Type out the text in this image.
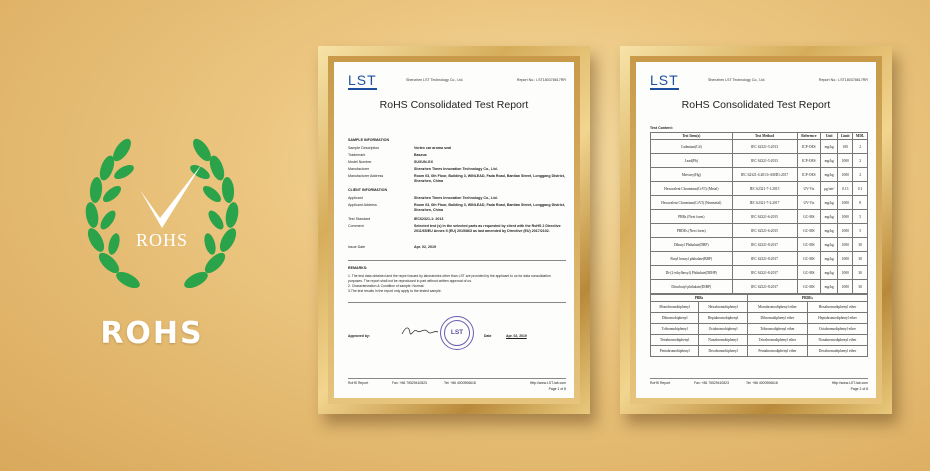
ROHS
ROHS
LST	Shenzhen LST Technology Co., Ltd.	Report No.: LST180378617RR
RoHS Consolidated Test Report
SAMPLE INFORMATION
Sample Description	Vortex car aroma seal
Trademark	Baseus
Model Number	SUXUN-GX
Manufacturer	Shenzhen Times Innovation Technology Co., Ltd.
Manufacturer Address	Room 03, 6th Floor, Building 3, WINLEAD, Fada Road, Bantian Street, Longgang District, Shenzhen, China
CLIENT INFORMATION
Applicant	Shenzhen Times Innovation Technology Co., Ltd.
Applicant Address	Room 03, 6th Floor, Building 3, WINLEAD, Fada Road, Bantian Street, Longgang District, Shenzhen, China
Test Standard	IEC62321-1: 2013
Comment	Selected test (s) in the selected parts as requested by client with the RoHS 2 Directive 2011/65/EU Annex II (EU) 2015/863 as last amended by Directive (EU) 2017/2102.
Issue Date	Apr. 02, 2019
REMARKS:
1. The test data obtained and the report issued by laboratories other than LST are provided by the applicant to us for data consolidation purposes. The report shall not be reproduced in part without written approval of us.
2. Characterization & Condition of sample: Normal.
3.The test results in the report only apply to the tested sample.
Approved by:	LST	Date	Apr. 02, 2019
RoHS Report	Fax: +86 75529410823	Tel: +86 4000906618	Http://www.LST-lab.com
Page 1 of 8
LST	Shenzhen LST Technology Co., Ltd.	Report No.: LST180378617RR
RoHS Consolidated Test Report
Test Content:
Test Item(s)	Test Method	Reference	Unit	Limit	MDL
Cadmium(Cd)	IEC 62321-5:2013	ICP-OES	mg/kg	100	2
Lead(Pb)	IEC 62321-5:2013	ICP-OES	mg/kg	1000	2
Mercury(Hg)	IEC 62321-4:2013+AMD1:2017	ICP-OES	mg/kg	1000	2
Hexavalent Chromium(CrVI) (Metal)	IEC 62321-7-1:2015	UV-Vis	μg/cm²	0.13	0.1
Hexavalent Chromium(CrVI) (Nonmetal)	IEC 62321-7-2:2017	UV-Vis	mg/kg	1000	8
PBBs (Next form)	IEC 62321-6:2015	GC-MS	mg/kg	1000	5
PBDEs (Next form)	IEC 62321-6:2015	GC-MS	mg/kg	1000	5
Dibutyl Phthalate(DBP)	IEC 62321-8:2017	GC-MS	mg/kg	1000	30
Butyl benzyl phthalate(BBP)	IEC 62321-8:2017	GC-MS	mg/kg	1000	30
Di-(2-ethylhexyl) Phthalate(DEHP)	IEC 62321-8:2017	GC-MS	mg/kg	1000	30
Diisobutyl phthalate(DIBP)	IEC 62321-8:2017	GC-MS	mg/kg	1000	30
PBBs		PBDEs	
Monobromobiphenyl	Hexabromobiphenyl	Monobromodiphenyl ether	Hexabromodiphenyl ether
Dibromobiphenyl	Heptabromobiphenyl	Dibromodiphenyl ether	Heptabromodiphenyl ether
Tribromobiphenyl	Octabromobiphenyl	Tribromodiphenyl ether	Octabromodiphenyl ether
Tetrabromobiphenyl	Nonabromobiphenyl	Tetrabromodiphenyl ether	Nonabromodiphenyl ether
Pentabromobiphenyl	Decabromobiphenyl	Pentabromodiphenyl ether	Decabromodiphenyl ether
RoHS Report	Fax: +86 75529410823	Tel: +86 4000906618	Http://www.LST-lab.com
Page 2 of 8
